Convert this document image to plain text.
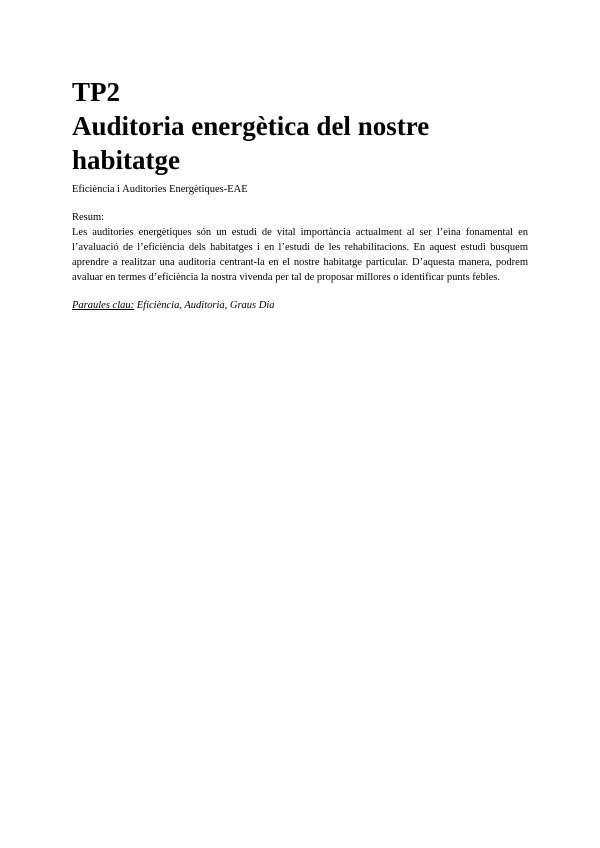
TP2
Auditoria energètica del nostre habitatge
Eficiència i Auditories Energètiques-EAE
Resum:
Les auditories energètiques són un estudi de vital importància actualment al ser l’eina fonamental en l’avaluació de l’eficiència dels habitatges i en l’estudi de les rehabilitacions. En aquest estudi busquem aprendre a realitzar una auditoria centrant-la en el nostre habitatge particular. D’aquesta manera, podrem avaluar en termes d’eficiència la nostra vivenda per tal de proposar millores o identificar punts febles.
Paraules clau: Eficiència, Auditoria, Graus Dia
